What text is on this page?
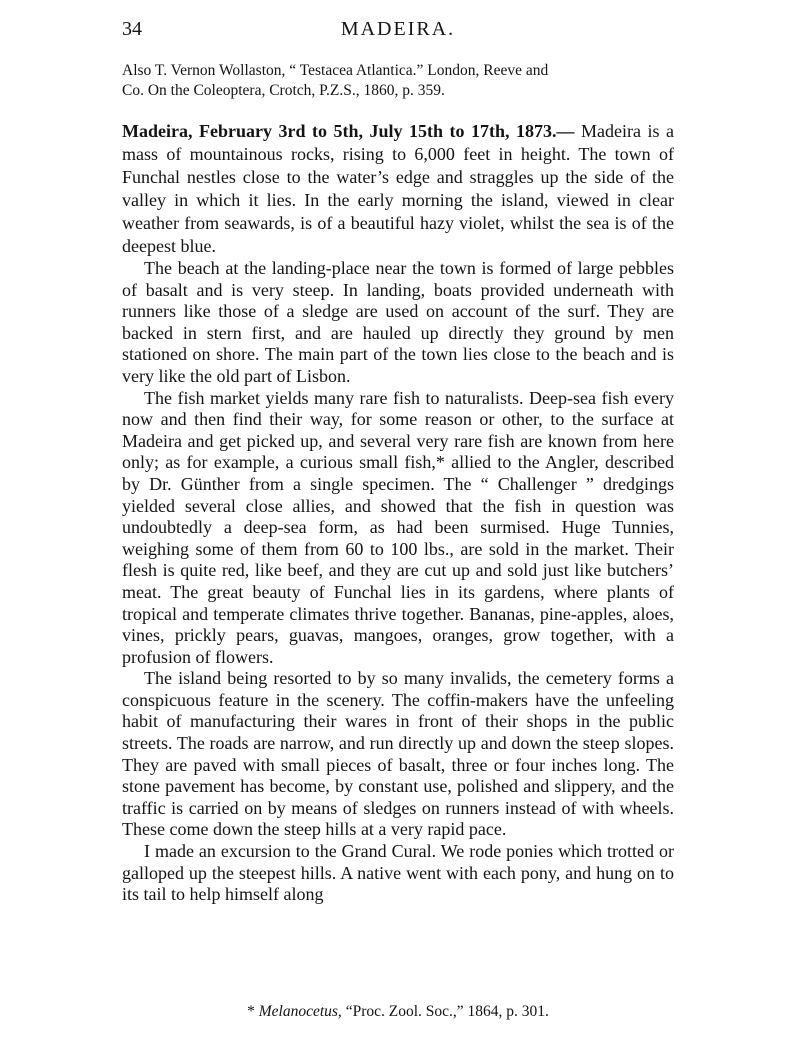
34	MADEIRA.
Also T. Vernon Wollaston, “ Testacea Atlantica.” London, Reeve and
Co. On the Coleoptera, Crotch, P.Z.S., 1860, p. 359.
Madeira, February 3rd to 5th, July 15th to 17th, 1873.— Madeira is a mass of mountainous rocks, rising to 6,000 feet in height. The town of Funchal nestles close to the water’s edge and straggles up the side of the valley in which it lies. In the early morning the island, viewed in clear weather from seawards, is of a beautiful hazy violet, whilst the sea is of the deepest blue.

The beach at the landing-place near the town is formed of large pebbles of basalt and is very steep. In landing, boats provided underneath with runners like those of a sledge are used on account of the surf. They are backed in stern first, and are hauled up directly they ground by men stationed on shore. The main part of the town lies close to the beach and is very like the old part of Lisbon.

The fish market yields many rare fish to naturalists. Deep-sea fish every now and then find their way, for some reason or other, to the surface at Madeira and get picked up, and several very rare fish are known from here only; as for example, a curious small fish,* allied to the Angler, described by Dr. Günther from a single specimen. The “ Challenger ” dredgings yielded several close allies, and showed that the fish in question was undoubtedly a deep-sea form, as had been surmised. Huge Tunnies, weighing some of them from 60 to 100 lbs., are sold in the market. Their flesh is quite red, like beef, and they are cut up and sold just like butchers’ meat. The great beauty of Funchal lies in its gardens, where plants of tropical and temperate climates thrive together. Bananas, pine-apples, aloes, vines, prickly pears, guavas, mangoes, oranges, grow together, with a profusion of flowers.

The island being resorted to by so many invalids, the cemetery forms a conspicuous feature in the scenery. The coffin-makers have the unfeeling habit of manufacturing their wares in front of their shops in the public streets. The roads are narrow, and run directly up and down the steep slopes. They are paved with small pieces of basalt, three or four inches long. The stone pavement has become, by constant use, polished and slippery, and the traffic is carried on by means of sledges on runners instead of with wheels. These come down the steep hills at a very rapid pace.

I made an excursion to the Grand Cural. We rode ponies which trotted or galloped up the steepest hills. A native went with each pony, and hung on to its tail to help himself along

* Melanocetus, “Proc. Zool. Soc.,” 1864, p. 301.
